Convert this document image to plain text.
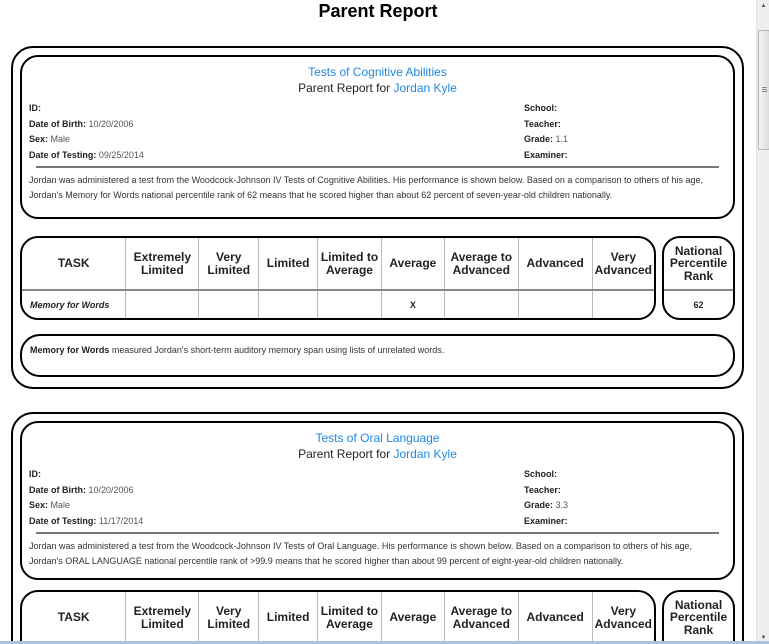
Parent Report
Tests of Cognitive Abilities
Parent Report for Jordan Kyle
ID:
Date of Birth: 10/20/2006
Sex: Male
Date of Testing: 09/25/2014
School:
Teacher:
Grade: 1.1
Examiner:
Jordan was administered a test from the Woodcock-Johnson IV Tests of Cognitive Abilities. His performance is shown below. Based on a comparison to others of his age, Jordan's Memory for Words national percentile rank of 62 means that he scored higher than about 62 percent of seven-year-old children nationally.
TASK	Extremely Limited	Very Limited	Limited	Limited to Average	Average	Average to Advanced	Advanced	Very Advanced
Memory for Words					X			
National Percentile Rank
62
Memory for Words measured Jordan's short-term auditory memory span using lists of unrelated words.
Tests of Oral Language
Parent Report for Jordan Kyle
ID:
Date of Birth: 10/20/2006
Sex: Male
Date of Testing: 11/17/2014
School:
Teacher:
Grade: 3.3
Examiner:
Jordan was administered a test from the Woodcock-Johnson IV Tests of Oral Language. His performance is shown below. Based on a comparison to others of his age, Jordan's ORAL LANGUAGE national percentile rank of >99.9 means that he scored higher than about 99 percent of eight-year-old children nationally.
TASK	Extremely Limited	Very Limited	Limited	Limited to Average	Average	Average to Advanced	Advanced	Very Advanced

National Percentile Rank

▲
▼
